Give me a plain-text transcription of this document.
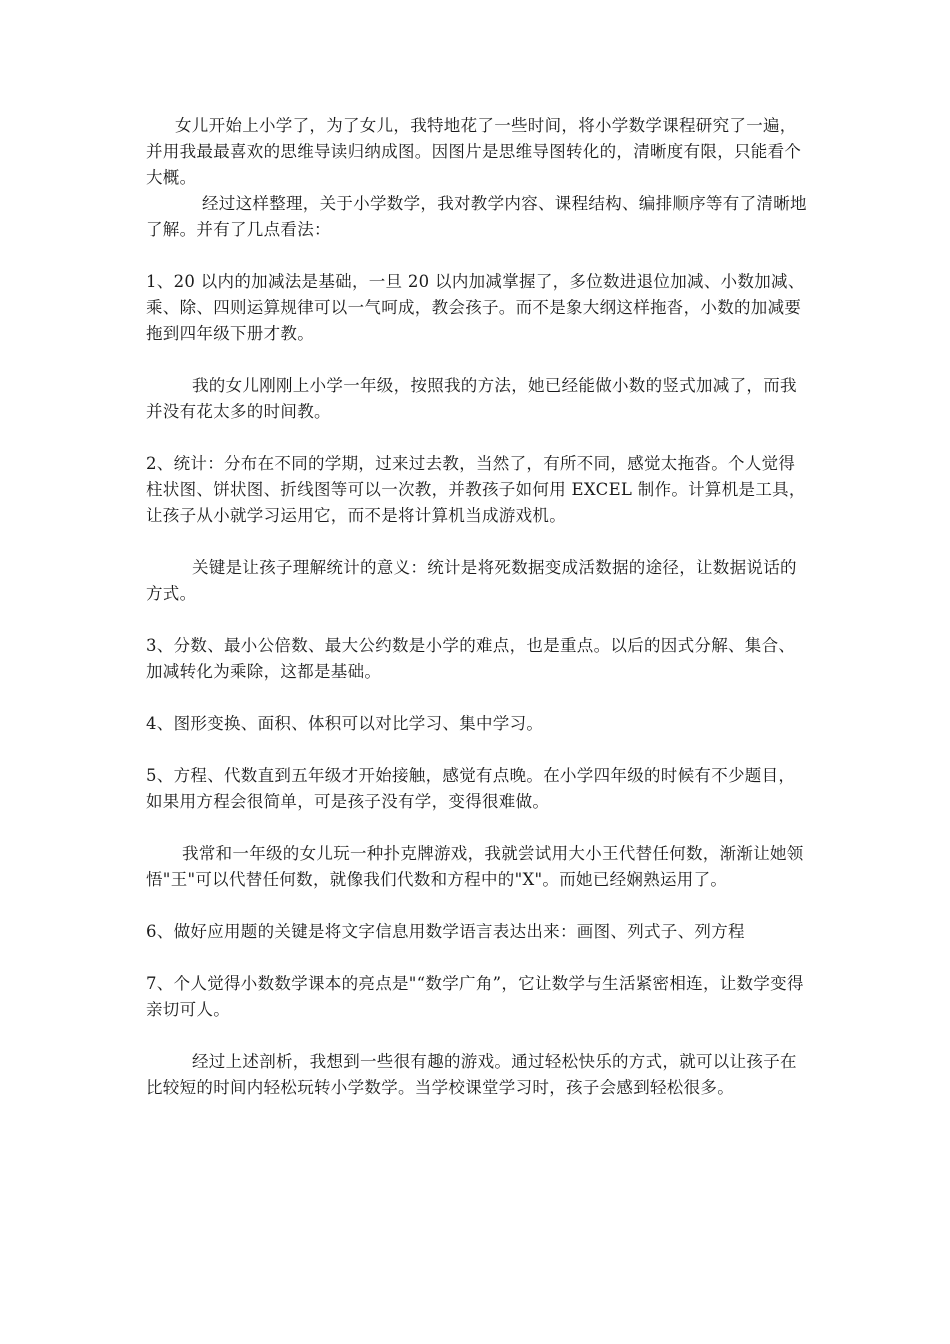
女儿开始上小学了，为了女儿，我特地花了一些时间，将小学数学课程研究了一遍，并用我最最喜欢的思维导读归纳成图。因图片是思维导图转化的，清晰度有限，只能看个大概。

经过这样整理，关于小学数学，我对教学内容、课程结构、编排顺序等有了清晰地了解。并有了几点看法：

1、20 以内的加减法是基础，一旦 20 以内加减掌握了，多位数进退位加减、小数加减、乘、除、四则运算规律可以一气呵成，教会孩子。而不是象大纲这样拖沓，小数的加减要拖到四年级下册才教。

我的女儿刚刚上小学一年级，按照我的方法，她已经能做小数的竖式加减了，而我并没有花太多的时间教。

2、统计：分布在不同的学期，过来过去教，当然了，有所不同，感觉太拖沓。个人觉得柱状图、饼状图、折线图等可以一次教，并教孩子如何用 EXCEL 制作。计算机是工具，让孩子从小就学习运用它，而不是将计算机当成游戏机。

关键是让孩子理解统计的意义：统计是将死数据变成活数据的途径，让数据说话的方式。

3、分数、最小公倍数、最大公约数是小学的难点，也是重点。以后的因式分解、集合、加减转化为乘除，这都是基础。

4、图形变换、面积、体积可以对比学习、集中学习。

5、方程、代数直到五年级才开始接触，感觉有点晚。在小学四年级的时候有不少题目，如果用方程会很简单，可是孩子没有学，变得很难做。

我常和一年级的女儿玩一种扑克牌游戏，我就尝试用大小王代替任何数，渐渐让她领悟"王"可以代替任何数，就像我们代数和方程中的"X"。而她已经娴熟运用了。

6、做好应用题的关键是将文字信息用数学语言表达出来：画图、列式子、列方程

7、个人觉得小数数学课本的亮点是"“数学广角”，它让数学与生活紧密相连，让数学变得亲切可人。

经过上述剖析，我想到一些很有趣的游戏。通过轻松快乐的方式，就可以让孩子在比较短的时间内轻松玩转小学数学。当学校课堂学习时，孩子会感到轻松很多。
